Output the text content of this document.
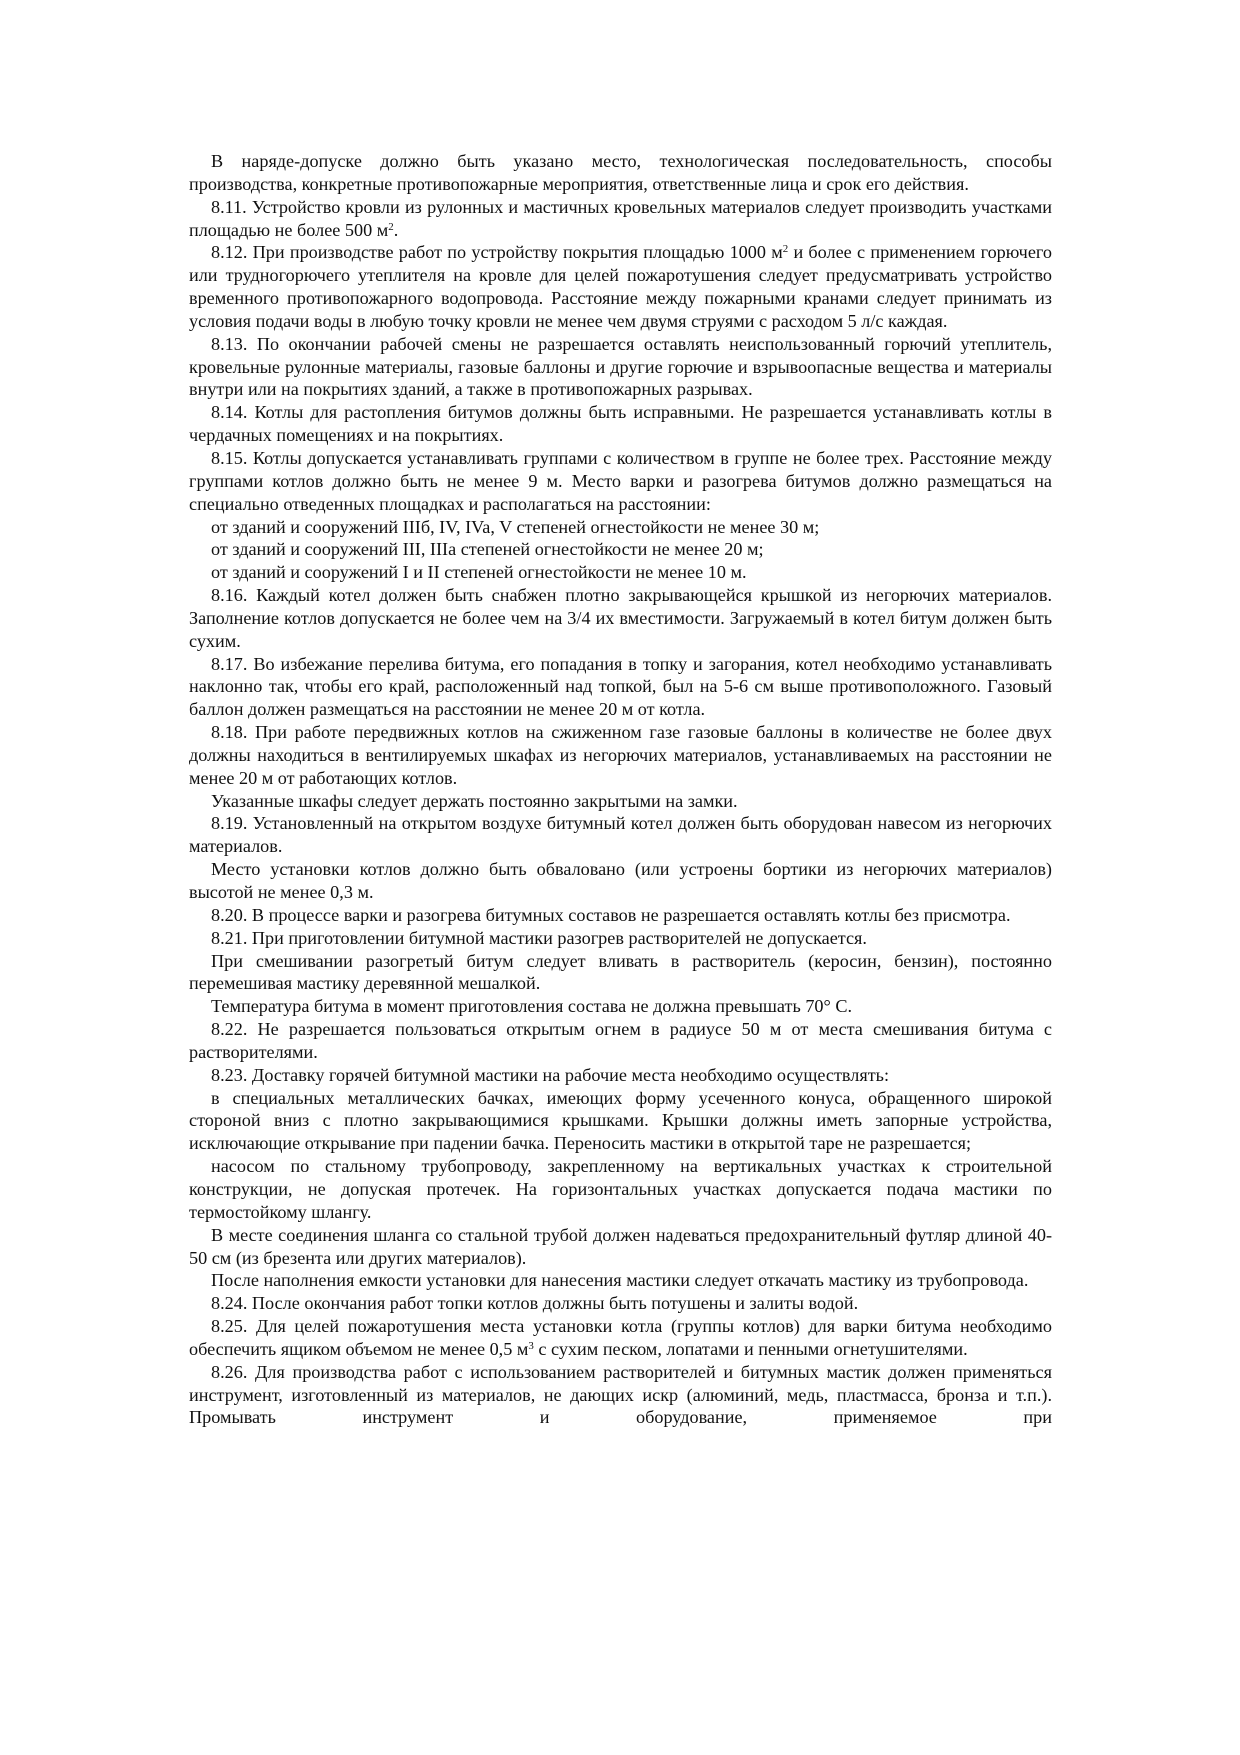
В наряде-допуске должно быть указано место, технологическая последовательность, способы производства, конкретные противопожарные мероприятия, ответственные лица и срок его действия.

8.11. Устройство кровли из рулонных и мастичных кровельных материалов следует производить участками площадью не более 500 $м^2$.

8.12. При производстве работ по устройству покрытия площадью 1000 $м^2$ и более с применением горючего или трудногорючего утеплителя на кровле для целей пожаротушения следует предусматривать устройство временного противопожарного водопровода. Расстояние между пожарными кранами следует принимать из условия подачи воды в любую точку кровли не менее чем двумя струями с расходом 5 л/с каждая.

8.13. По окончании рабочей смены не разрешается оставлять неиспользованный горючий утеплитель, кровельные рулонные материалы, газовые баллоны и другие горючие и взрывоопасные вещества и материалы внутри или на покрытиях зданий, а также в противопожарных разрывах.

8.14. Котлы для растопления битумов должны быть исправными. Не разрешается устанавливать котлы в чердачных помещениях и на покрытиях.

8.15. Котлы допускается устанавливать группами с количеством в группе не более трех. Расстояние между группами котлов должно быть не менее 9 м. Место варки и разогрева битумов должно размещаться на специально отведенных площадках и располагаться на расстоянии:

от зданий и сооружений IIIб, IV, IVa, V степеней огнестойкости не менее 30 м;

от зданий и сооружений III, IIIa степеней огнестойкости не менее 20 м;

от зданий и сооружений I и II степеней огнестойкости не менее 10 м.

8.16. Каждый котел должен быть снабжен плотно закрывающейся крышкой из негорючих материалов. Заполнение котлов допускается не более чем на 3/4 их вместимости. Загружаемый в котел битум должен быть сухим.

8.17. Во избежание перелива битума, его попадания в топку и загорания, котел необходимо устанавливать наклонно так, чтобы его край, расположенный над топкой, был на 5-6 см выше противоположного. Газовый баллон должен размещаться на расстоянии не менее 20 м от котла.

8.18. При работе передвижных котлов на сжиженном газе газовые баллоны в количестве не более двух должны находиться в вентилируемых шкафах из негорючих материалов, устанавливаемых на расстоянии не менее 20 м от работающих котлов.

Указанные шкафы следует держать постоянно закрытыми на замки.

8.19. Установленный на открытом воздухе битумный котел должен быть оборудован навесом из негорючих материалов.

Место установки котлов должно быть обваловано (или устроены бортики из негорючих материалов) высотой не менее 0,3 м.

8.20. В процессе варки и разогрева битумных составов не разрешается оставлять котлы без присмотра.

8.21. При приготовлении битумной мастики разогрев растворителей не допускается.

При смешивании разогретый битум следует вливать в растворитель (керосин, бензин), постоянно перемешивая мастику деревянной мешалкой.

Температура битума в момент приготовления состава не должна превышать 70° С.

8.22. Не разрешается пользоваться открытым огнем в радиусе 50 м от места смешивания битума с растворителями.

8.23. Доставку горячей битумной мастики на рабочие места необходимо осуществлять:

в специальных металлических бачках, имеющих форму усеченного конуса, обращенного широкой стороной вниз с плотно закрывающимися крышками. Крышки должны иметь запорные устройства, исключающие открывание при падении бачка. Переносить мастики в открытой таре не разрешается;

насосом по стальному трубопроводу, закрепленному на вертикальных участках к строительной конструкции, не допуская протечек. На горизонтальных участках допускается подача мастики по термостойкому шлангу.

В месте соединения шланга со стальной трубой должен надеваться предохранительный футляр длиной 40-50 см (из брезента или других материалов).

После наполнения емкости установки для нанесения мастики следует откачать мастику из трубопровода.

8.24. После окончания работ топки котлов должны быть потушены и залиты водой.

8.25. Для целей пожаротушения места установки котла (группы котлов) для варки битума необходимо обеспечить ящиком объемом не менее 0,5 $м^3$ с сухим песком, лопатами и пенными огнетушителями.

8.26. Для производства работ с использованием растворителей и битумных мастик должен применяться инструмент, изготовленный из материалов, не дающих искр (алюминий, медь, пластмасса, бронза и т.п.). Промывать инструмент и оборудование, применяемое при
